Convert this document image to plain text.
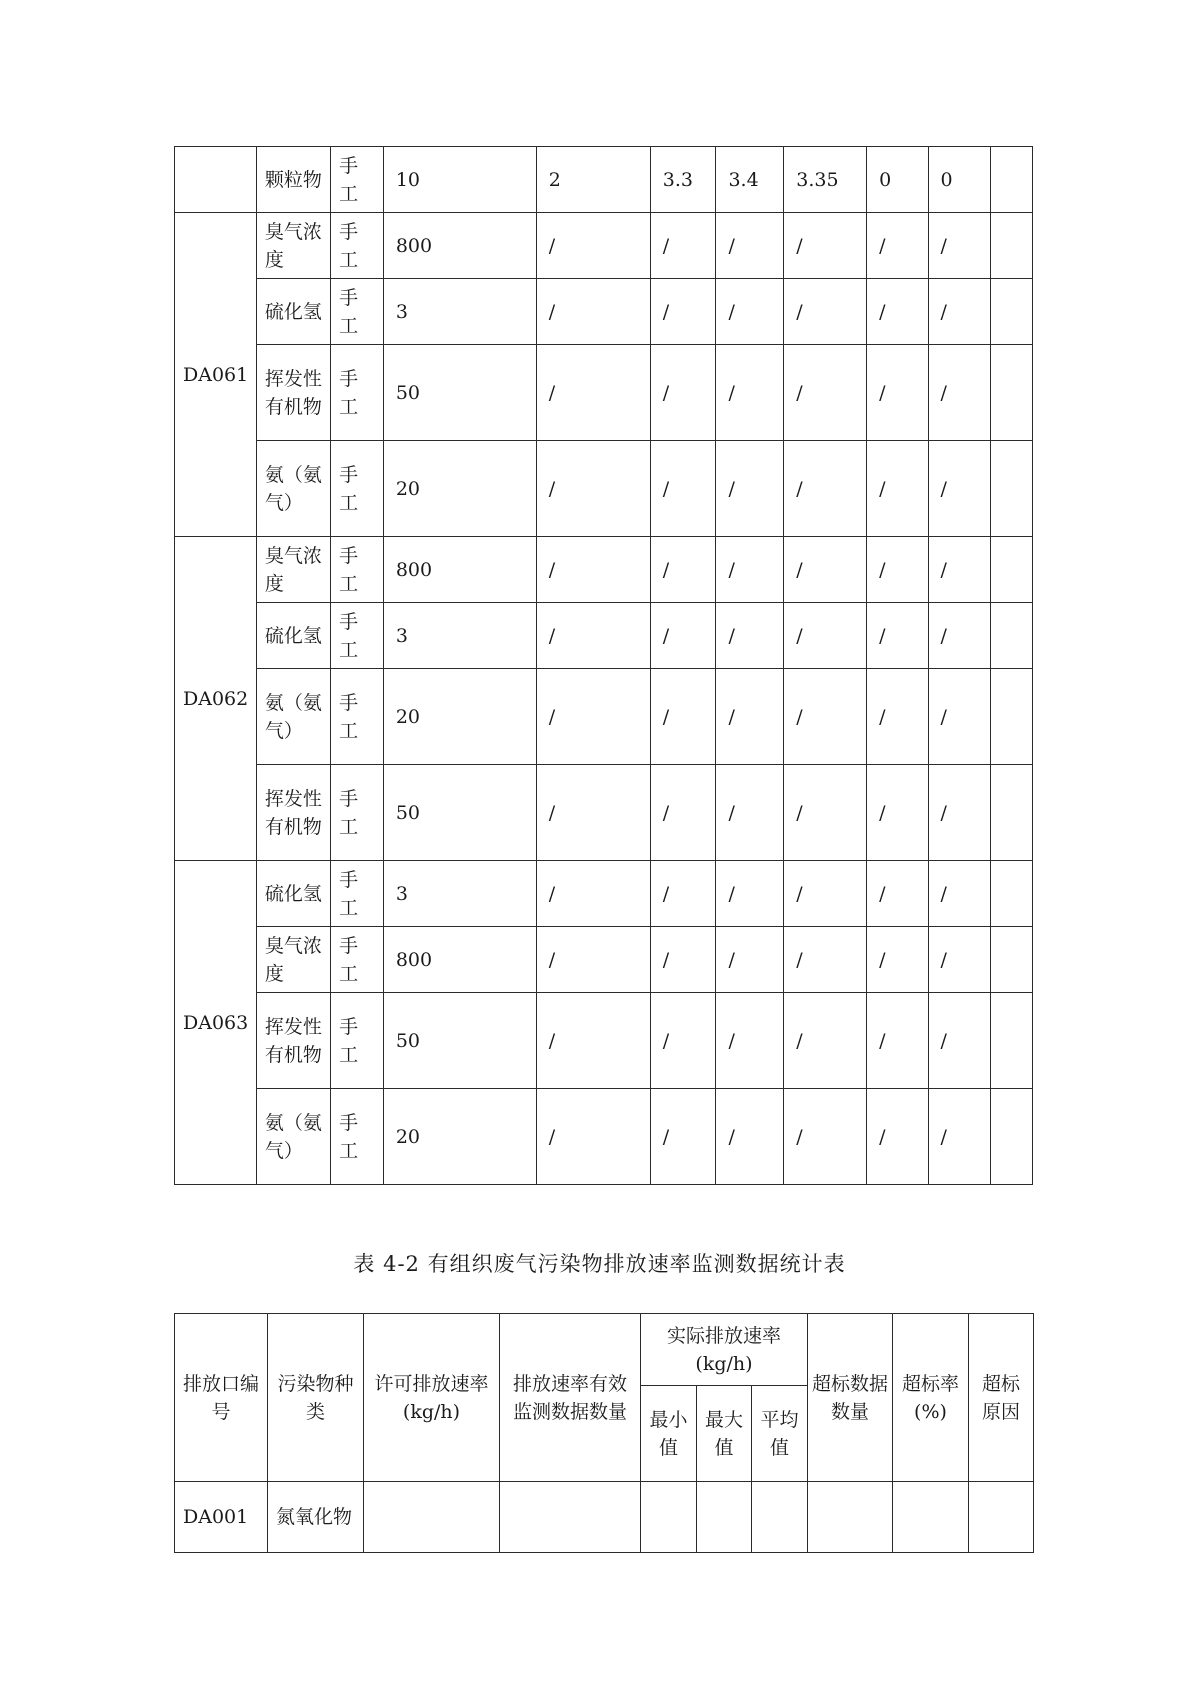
	颗粒物	手工	10	2	3.3	3.4	3.35	0	0	
DA061	臭气浓度	手工	800	/	/	/	/	/	/	
	硫化氢	手工	3	/	/	/	/	/	/	
	挥发性有机物	手工	50	/	/	/	/	/	/	
	氨（氨气）	手工	20	/	/	/	/	/	/	
DA062	臭气浓度	手工	800	/	/	/	/	/	/	
	硫化氢	手工	3	/	/	/	/	/	/	
	氨（氨气）	手工	20	/	/	/	/	/	/	
	挥发性有机物	手工	50	/	/	/	/	/	/	
DA063	硫化氢	手工	3	/	/	/	/	/	/	
	臭气浓度	手工	800	/	/	/	/	/	/	
	挥发性有机物	手工	50	/	/	/	/	/	/	
	氨（氨气）	手工	20	/	/	/	/	/	/	
表 4-2 有组织废气污染物排放速率监测数据统计表
排放口编号	污染物种类	许可排放速率(kg/h)	排放速率有效监测数据数量	实际排放速率(kg/h)			超标数据数量	超标率(%)	超标原因
				最小值	最大值	平均值			
DA001	氮氧化物								
